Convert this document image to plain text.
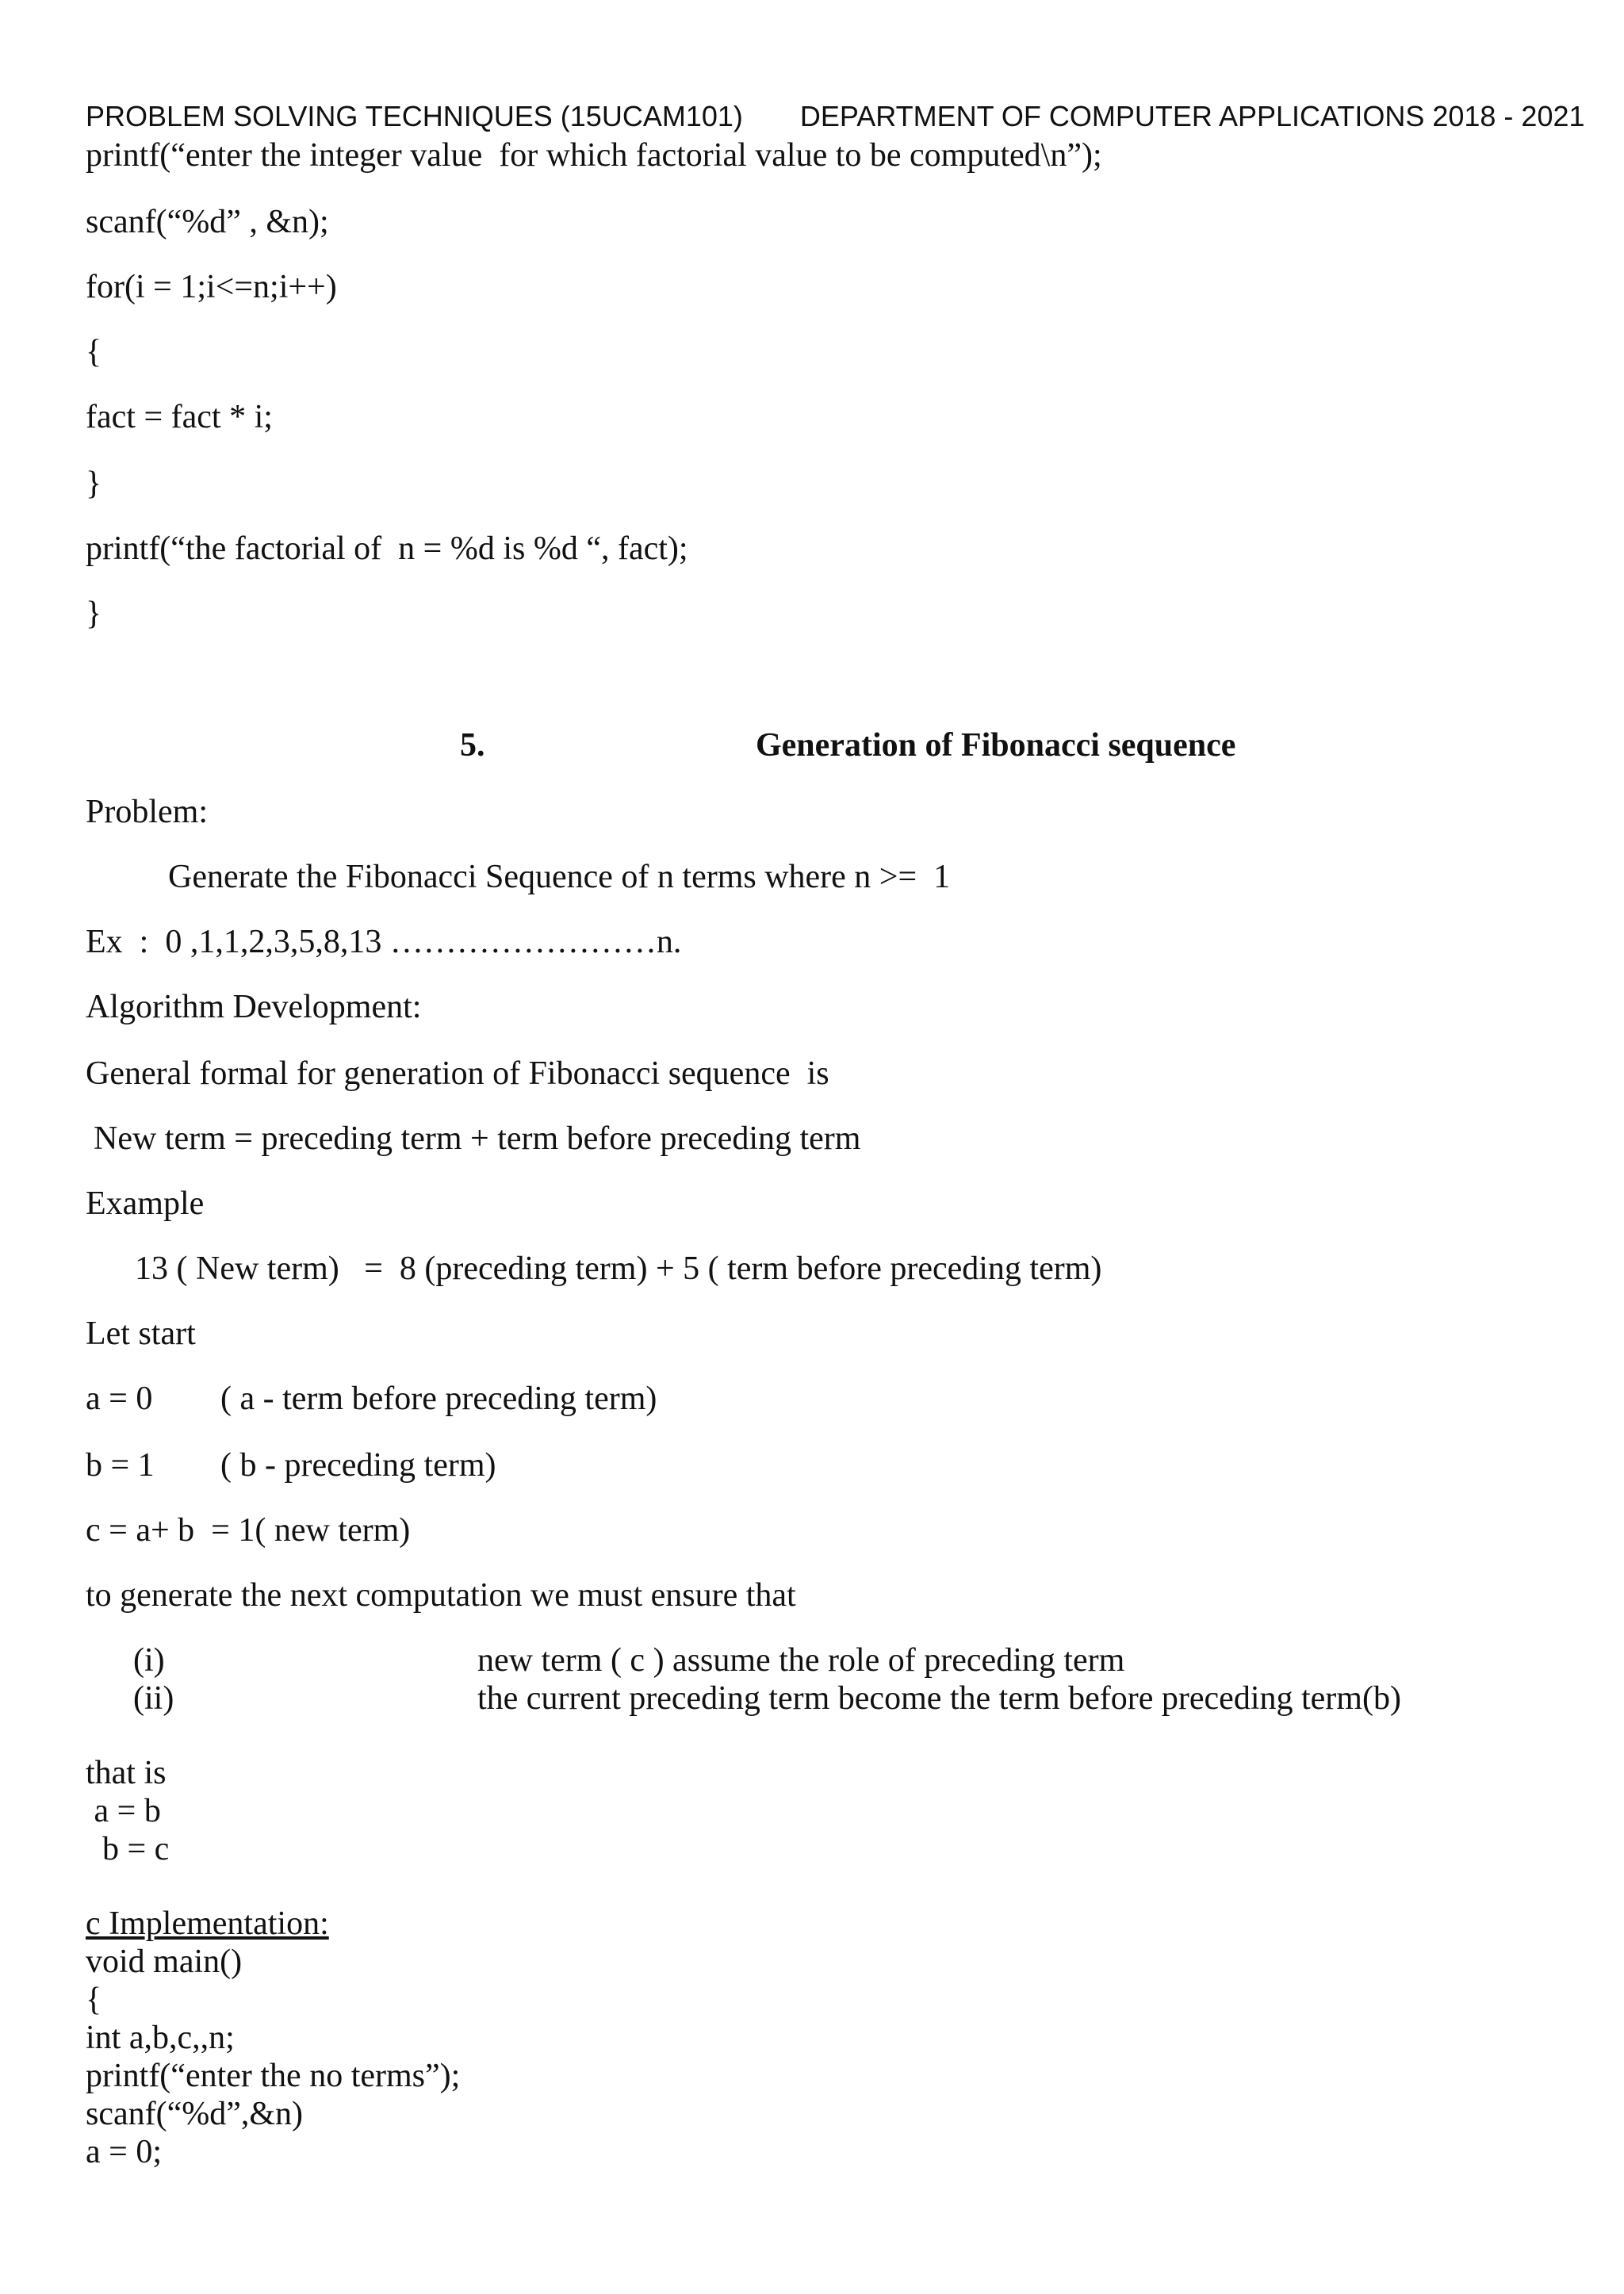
PROBLEM SOLVING TECHNIQUES (15UCAM101) DEPARTMENT OF COMPUTER APPLICATIONS 2018 - 2021
printf(“enter the integer value  for which factorial value to be computed\n”);
scanf(“%d” , &n);
for(i = 1;i<=n;i++)
{
fact = fact * i;
}
printf(“the factorial of  n = %d is %d “, fact);
}
5.	Generation of Fibonacci sequence
Problem:
Generate the Fibonacci Sequence of n terms where n >=  1
Ex  :  0 ,1,1,2,3,5,8,13 ……………………n.
Algorithm Development:
General formal for generation of Fibonacci sequence  is
New term = preceding term + term before preceding term
Example
13 ( New term)   =  8 (preceding term) + 5 ( term before preceding term)
Let start
a = 0 ( a - term before preceding term)
b = 1 ( b - preceding term)
c = a+ b  = 1( new term)
to generate the next computation we must ensure that
(i)	new term ( c ) assume the role of preceding term
(ii)	the current preceding term become the term before preceding term(b)
that is
a = b
b = c
c Implementation:
void main()
{
int a,b,c,,n;
printf(“enter the no terms”);
scanf(“%d”,&n)
a = 0;
